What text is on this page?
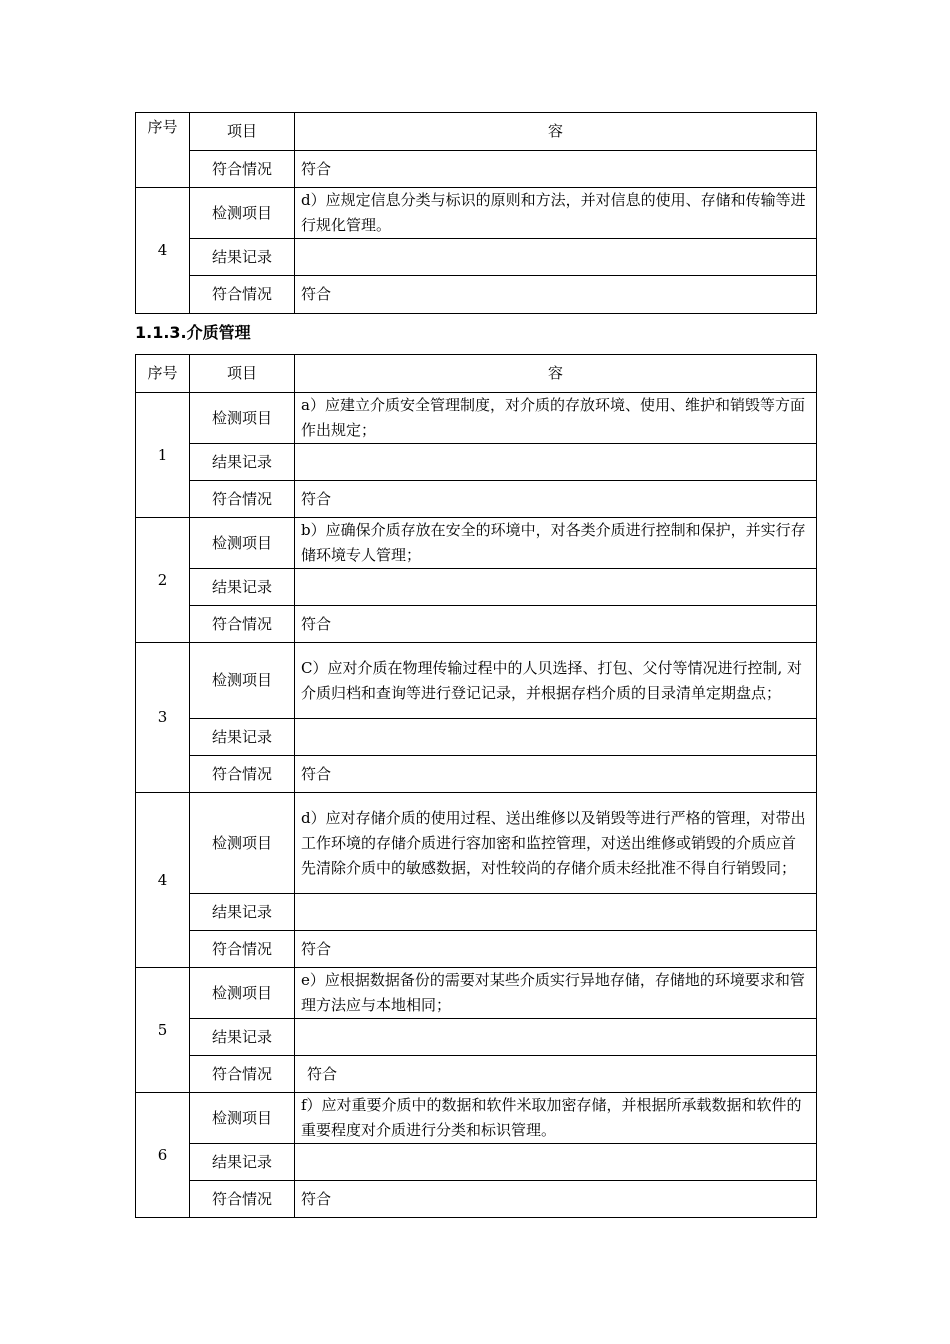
序号	项目	容
	符合情况	符合
4	检测项目	d）应规定信息分类与标识的原则和方法，并对信息的使用、存储和传输等进行规化管理。
	结果记录	
	符合情况	符合
1.1.3.介质管理
序号	项目	容
1	检测项目	a）应建立介质安全管理制度，对介质的存放环境、使用、维护和销毁等方面作出规定；
	结果记录	
	符合情况	符合
2	检测项目	b）应确保介质存放在安全的环境中，对各类介质进行控制和保护，并实行存储环境专人管理；
	结果记录	
	符合情况	符合
3	检测项目	C）应对介质在物理传输过程中的人贝选择、打包、父付等情况进行控制, 对介质归档和查询等进行登记记录，并根据存档介质的目录清单定期盘点；
	结果记录	
	符合情况	符合
4	检测项目	d）应对存储介质的使用过程、送出维修以及销毁等进行严格的管理，对带出工作环境的存储介质进行容加密和监控管理，对送出维修或销毁的介质应首先清除介质中的敏感数据，对性较尚的存储介质未经批准不得自行销毁同；
	结果记录	
	符合情况	符合
5	检测项目	e）应根据数据备份的需要对某些介质实行异地存储，存储地的环境要求和管理方法应与本地相同；
	结果记录	
	符合情况	符合
6	检测项目	f）应对重要介质中的数据和软件米取加密存储，并根据所承载数据和软件的重要程度对介质进行分类和标识管理。
	结果记录	
	符合情况	符合
